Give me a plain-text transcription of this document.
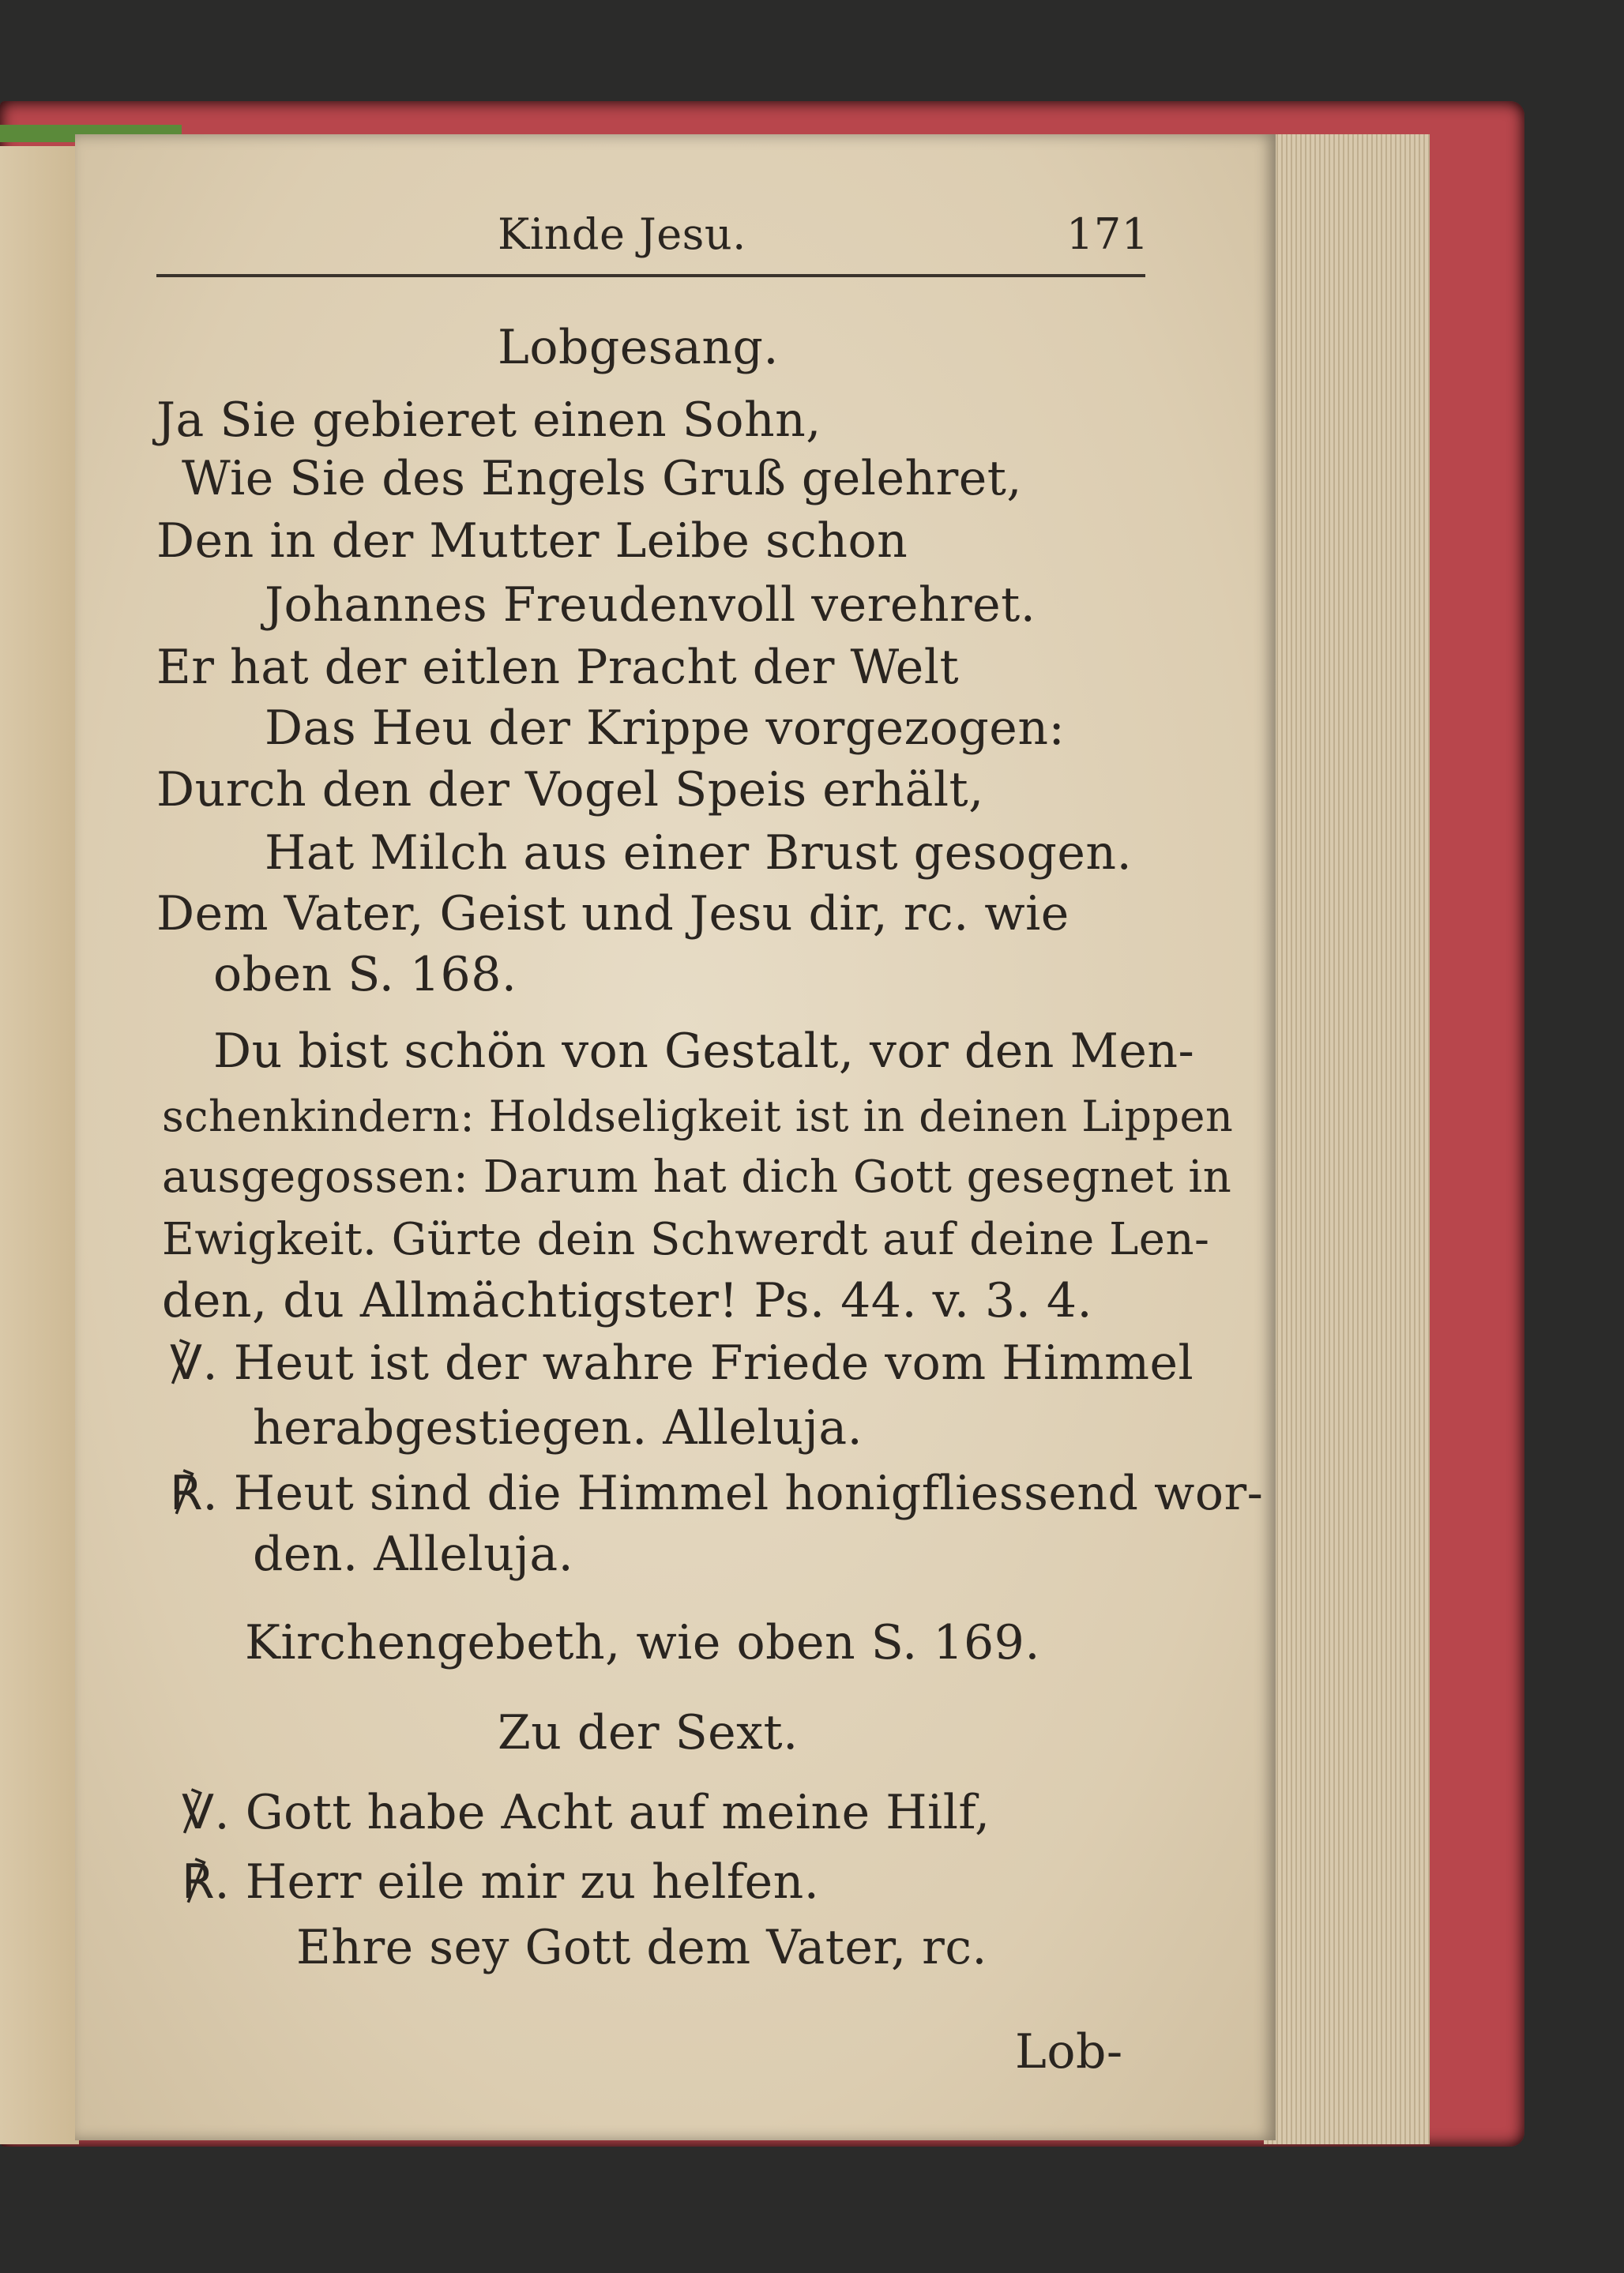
Kinde Jesu.	171
Lobgesang.
Ja Sie gebieret einen Sohn,
Wie Sie des Engels Gruß gelehret,
Den in der Mutter Leibe schon
Johannes Freudenvoll verehret.
Er hat der eitlen Pracht der Welt
Das Heu der Krippe vorgezogen:
Durch den der Vogel Speis erhält,
Hat Milch aus einer Brust gesogen.
Dem Vater, Geist und Jesu dir, rc. wie
oben S. 168.
Du bist schön von Gestalt, vor den Men-
schenkindern: Holdseligkeit ist in deinen Lippen
ausgegossen: Darum hat dich Gott gesegnet in
Ewigkeit. Gürte dein Schwerdt auf deine Len-
den, du Allmächtigster! Ps. 44. v. 3. 4.
℣. Heut ist der wahre Friede vom Himmel
herabgestiegen. Alleluja.
℟. Heut sind die Himmel honigfliessend wor-
den. Alleluja.
Kirchengebeth, wie oben S. 169.
Zu der Sext.
℣. Gott habe Acht auf meine Hilf,
℟. Herr eile mir zu helfen.
Ehre sey Gott dem Vater, rc.
Lob-
